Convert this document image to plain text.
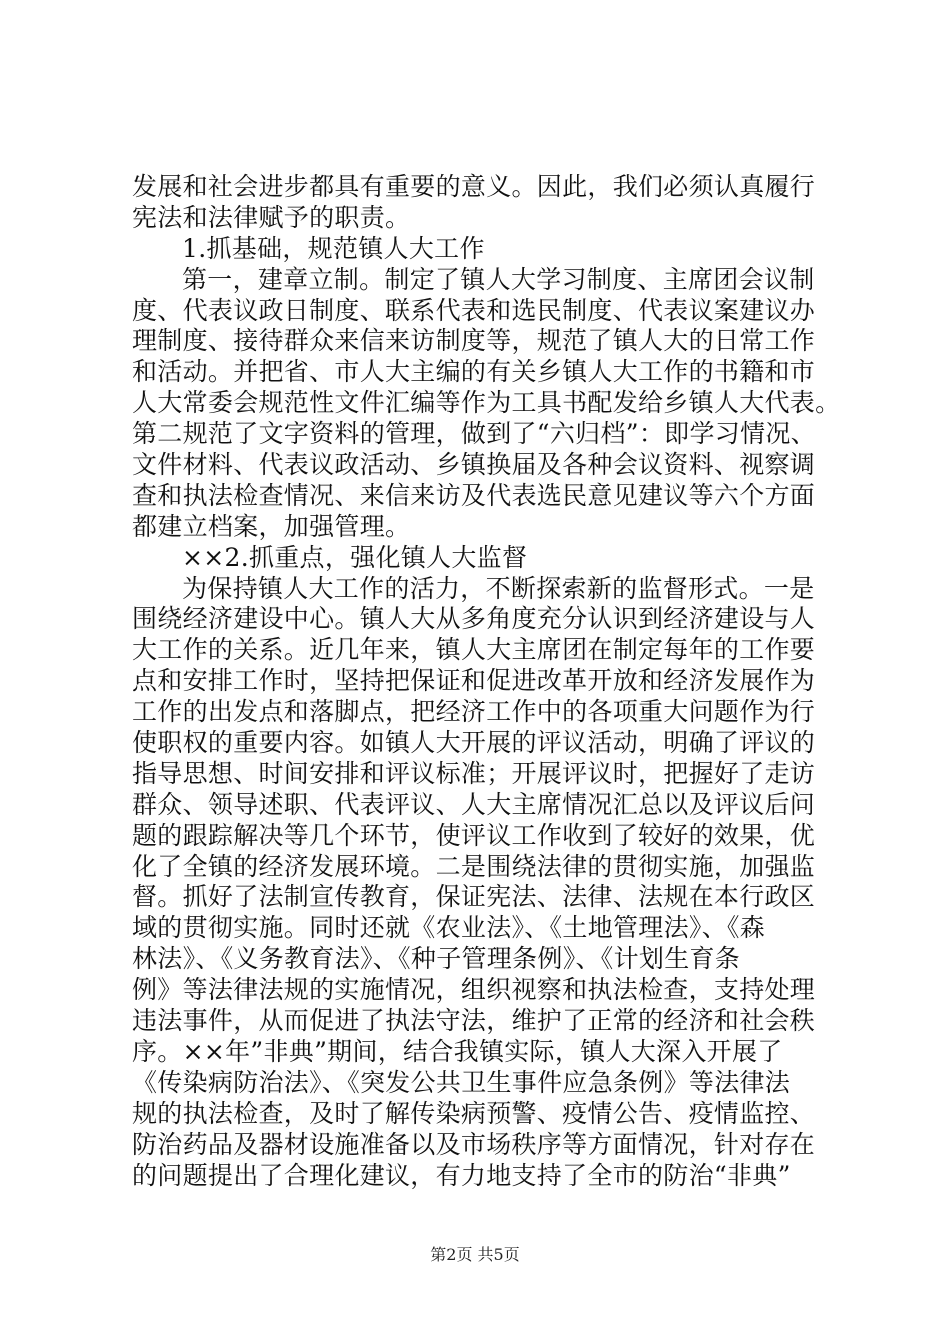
发展和社会进步都具有重要的意义。因此，我们必须认真履行
宪法和法律赋予的职责。
1.抓基础，规范镇人大工作
第一，建章立制。制定了镇人大学习制度、主席团会议制
度、代表议政日制度、联系代表和选民制度、代表议案建议办
理制度、接待群众来信来访制度等，规范了镇人大的日常工作
和活动。并把省、市人大主编的有关乡镇人大工作的书籍和市
人大常委会规范性文件汇编等作为工具书配发给乡镇人大代表。
第二规范了文字资料的管理，做到了“六归档”：即学习情况、
文件材料、代表议政活动、乡镇换届及各种会议资料、视察调
查和执法检查情况、来信来访及代表选民意见建议等六个方面
都建立档案，加强管理。
××2.抓重点，强化镇人大监督
为保持镇人大工作的活力，不断探索新的监督形式。一是
围绕经济建设中心。镇人大从多角度充分认识到经济建设与人
大工作的关系。近几年来，镇人大主席团在制定每年的工作要
点和安排工作时，坚持把保证和促进改革开放和经济发展作为
工作的出发点和落脚点，把经济工作中的各项重大问题作为行
使职权的重要内容。如镇人大开展的评议活动，明确了评议的
指导思想、时间安排和评议标准；开展评议时，把握好了走访
群众、领导述职、代表评议、人大主席情况汇总以及评议后问
题的跟踪解决等几个环节，使评议工作收到了较好的效果，优
化了全镇的经济发展环境。二是围绕法律的贯彻实施，加强监
督。抓好了法制宣传教育，保证宪法、法律、法规在本行政区
域的贯彻实施。同时还就《农业法》、《土地管理法》、《森
林法》、《义务教育法》、《种子管理条例》、《计划生育条
例》等法律法规的实施情况，组织视察和执法检查，支持处理
违法事件，从而促进了执法守法，维护了正常的经济和社会秩
序。××年”非典”期间，结合我镇实际，镇人大深入开展了
《传染病防治法》、《突发公共卫生事件应急条例》等法律法
规的执法检查，及时了解传染病预警、疫情公告、疫情监控、
防治药品及器材设施准备以及市场秩序等方面情况，针对存在
的问题提出了合理化建议，有力地支持了全市的防治“非典”
第2页 共5页
